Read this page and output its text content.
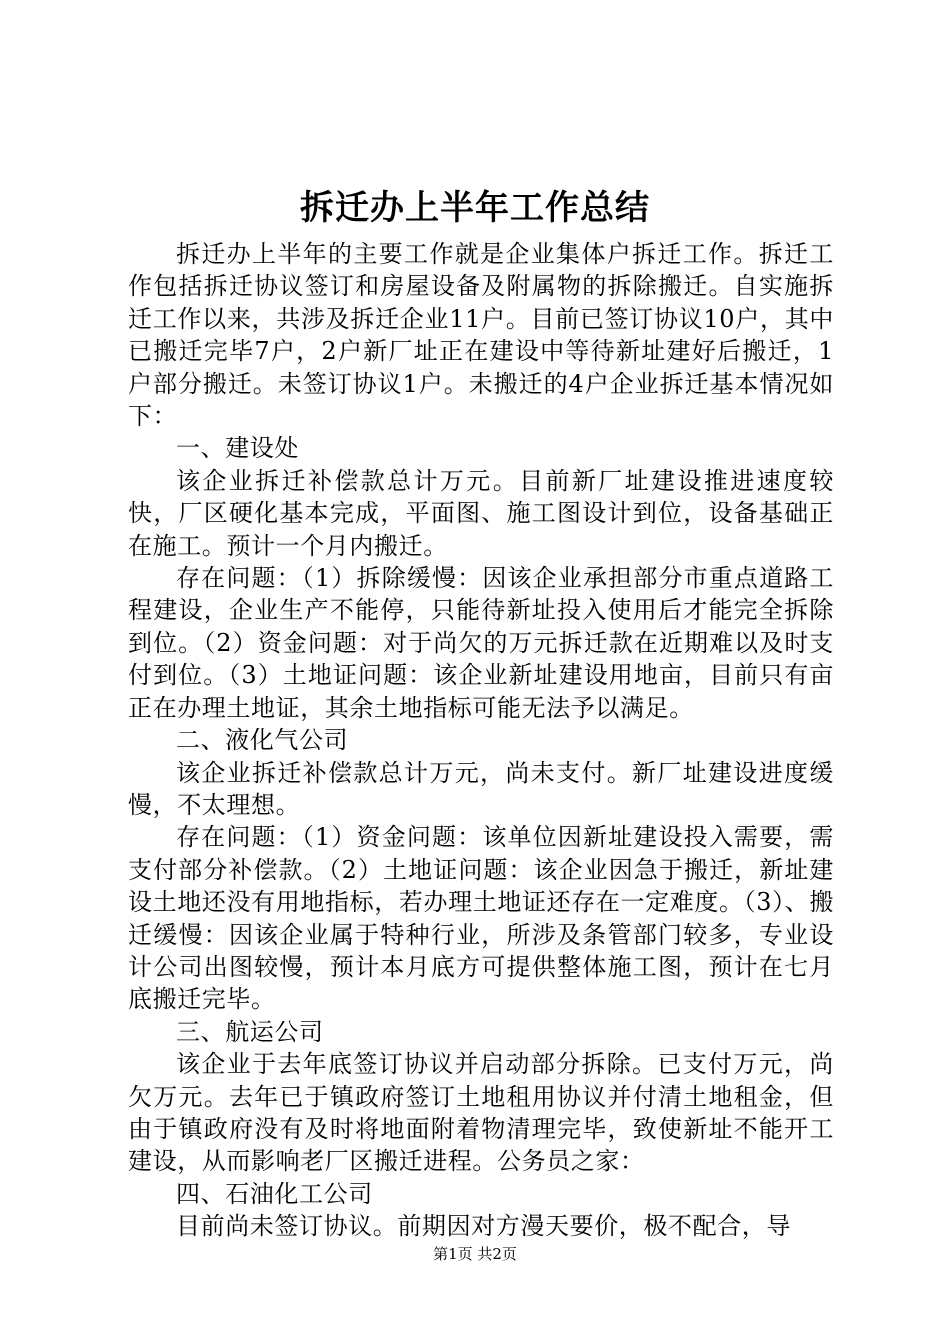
拆迁办上半年工作总结

拆迁办上半年的主要工作就是企业集体户拆迁工作。拆迁工作包括拆迁协议签订和房屋设备及附属物的拆除搬迁。自实施拆迁工作以来，共涉及拆迁企业11户。目前已签订协议10户，其中已搬迁完毕7户，2户新厂址正在建设中等待新址建好后搬迁，1户部分搬迁。未签订协议1户。未搬迁的4户企业拆迁基本情况如下：

一、建设处

该企业拆迁补偿款总计万元。目前新厂址建设推进速度较快，厂区硬化基本完成，平面图、施工图设计到位，设备基础正在施工。预计一个月内搬迁。

存在问题：（1）拆除缓慢：因该企业承担部分市重点道路工程建设，企业生产不能停，只能待新址投入使用后才能完全拆除到位。（2）资金问题：对于尚欠的万元拆迁款在近期难以及时支付到位。（3）土地证问题：该企业新址建设用地亩，目前只有亩正在办理土地证，其余土地指标可能无法予以满足。

二、液化气公司

该企业拆迁补偿款总计万元，尚未支付。新厂址建设进度缓慢，不太理想。

存在问题：（1）资金问题：该单位因新址建设投入需要，需支付部分补偿款。（2）土地证问题：该企业因急于搬迁，新址建设土地还没有用地指标，若办理土地证还存在一定难度。（3）、搬迁缓慢：因该企业属于特种行业，所涉及条管部门较多，专业设计公司出图较慢，预计本月底方可提供整体施工图，预计在七月底搬迁完毕。

三、航运公司

该企业于去年底签订协议并启动部分拆除。已支付万元，尚欠万元。去年已于镇政府签订土地租用协议并付清土地租金，但由于镇政府没有及时将地面附着物清理完毕，致使新址不能开工建设，从而影响老厂区搬迁进程。公务员之家：

四、石油化工公司

目前尚未签订协议。前期因对方漫天要价，极不配合，导

第1页 共2页
